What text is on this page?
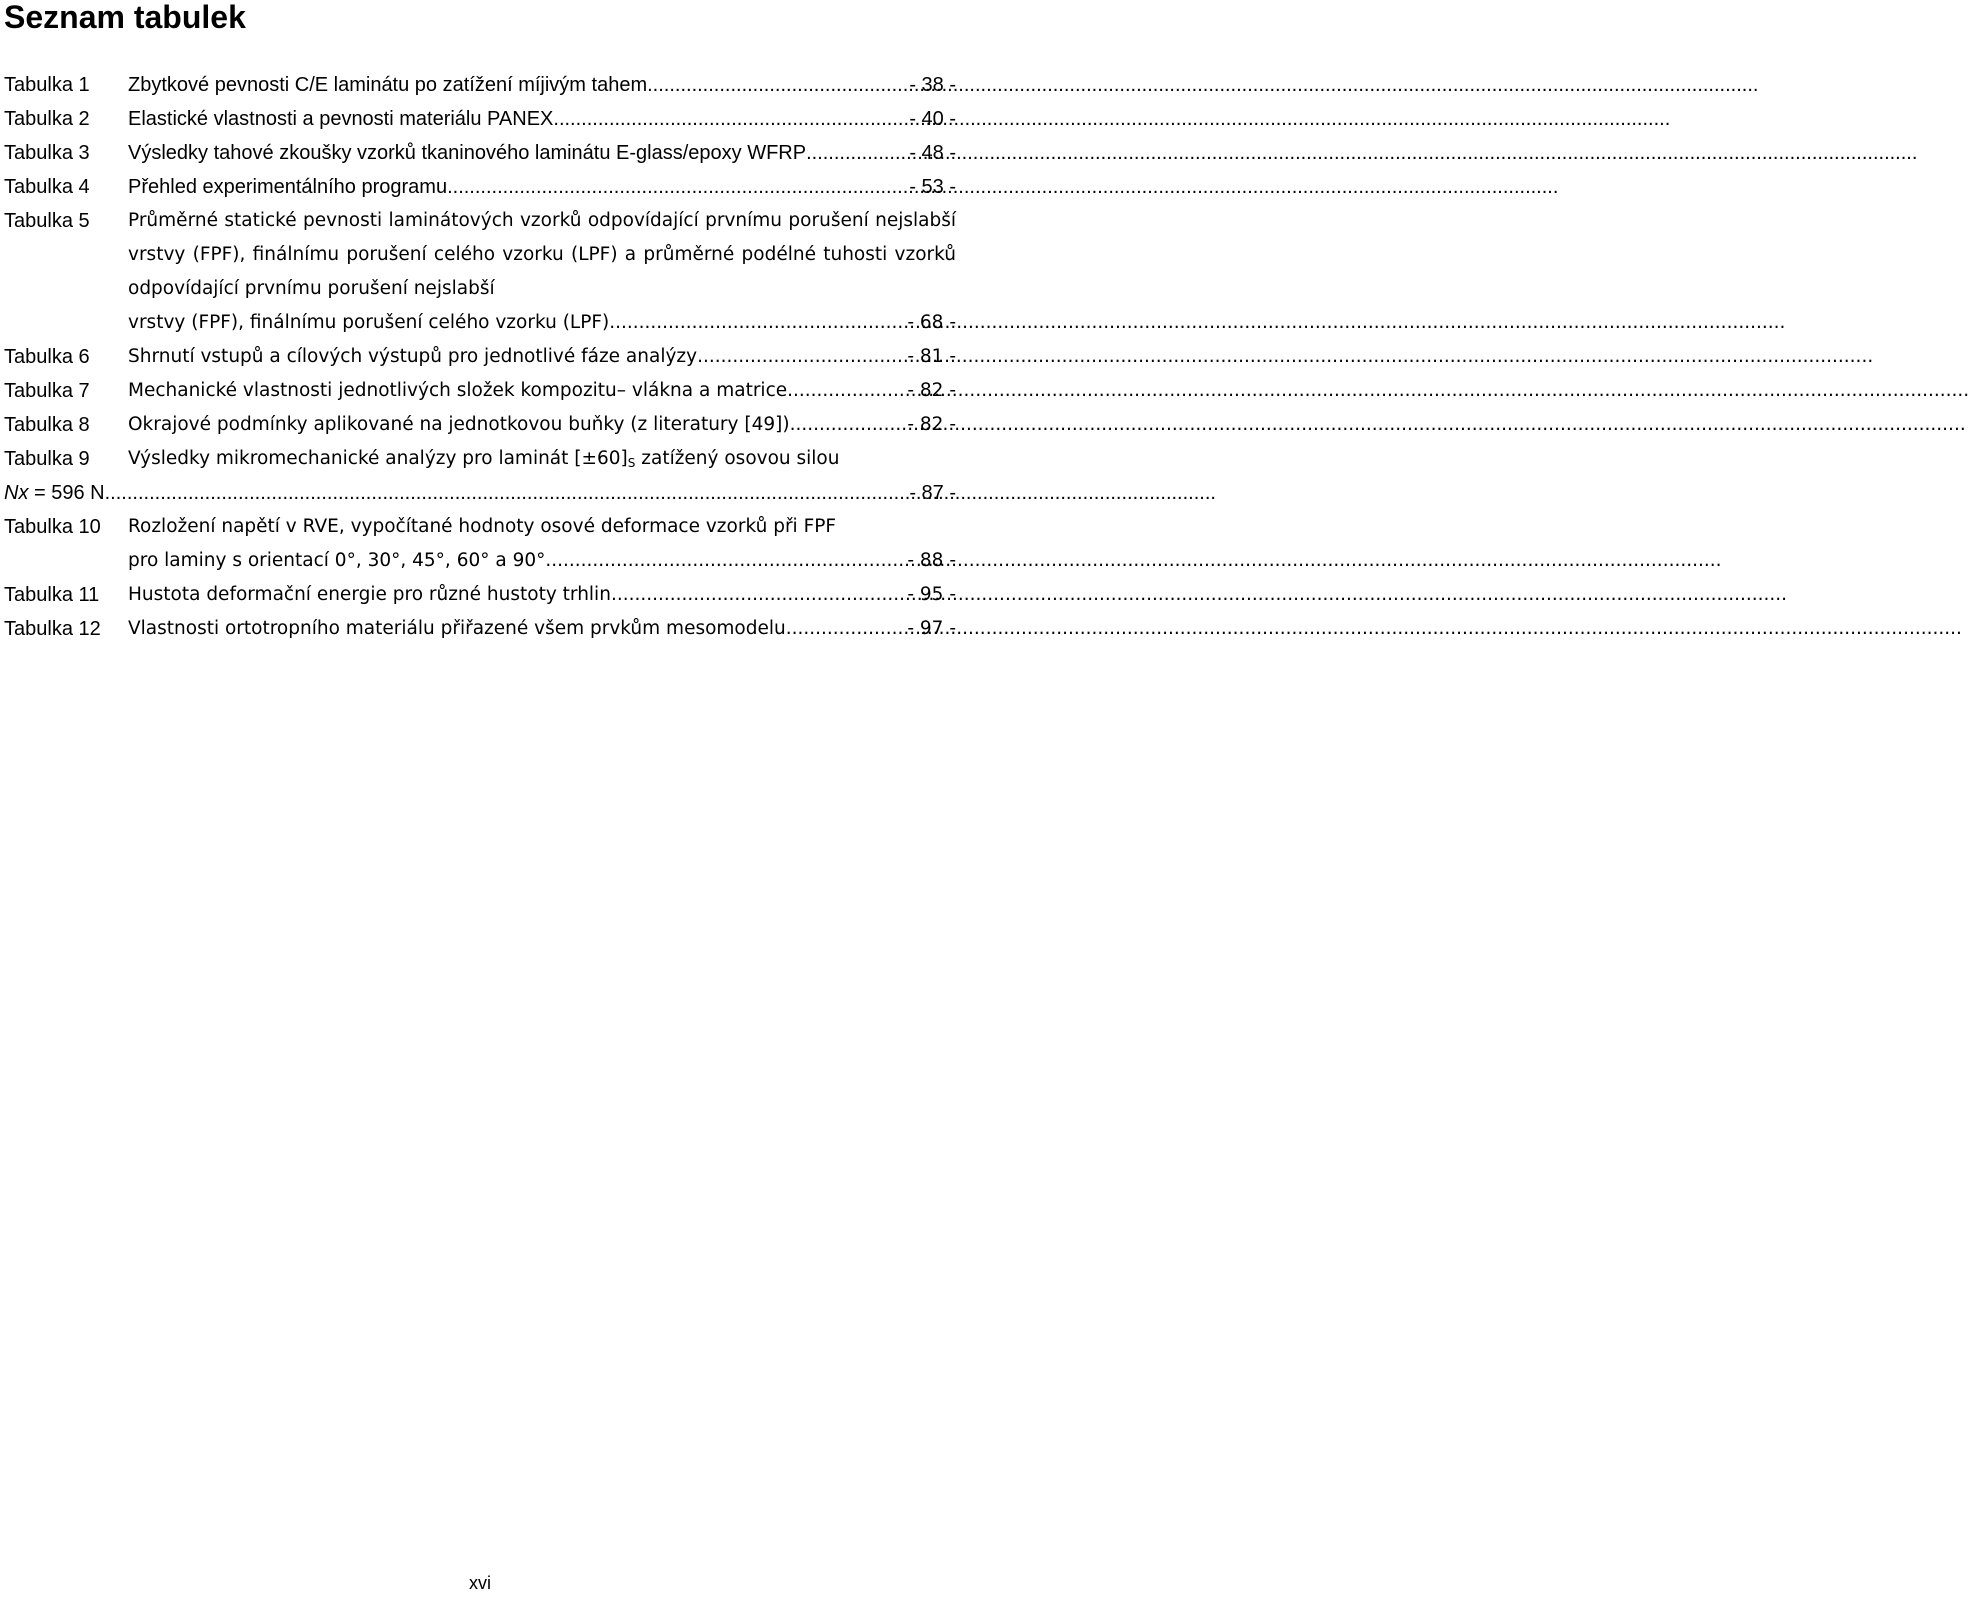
Seznam tabulek
Tabulka 1	Zbytkové pevnosti C/E laminátu po zatížení míjivým tahem .....	- 38 -
Tabulka 2	Elastické vlastnosti a pevnosti materiálu PANEX. .....	- 40 -
Tabulka 3	Výsledky tahové zkoušky vzorků tkaninového laminátu E-glass/epoxy WFRP .....	- 48 -
Tabulka 4	Přehled experimentálního programu .....	- 53 -
Tabulka 5	Průměrné statické pevnosti laminátových vzorků odpovídající prvnímu porušení nejslabší vrstvy (FPF), finálnímu porušení celého vzorku (LPF) a průměrné podélné tuhosti vzorků odpovídající prvnímu porušení nejslabší
vrstvy (FPF), finálnímu porušení celého vzorku (LPF) .....	- 68 -
Tabulka 6	Shrnutí vstupů a cílových výstupů pro jednotlivé fáze analýzy .....	- 81 -
Tabulka 7	Mechanické vlastnosti jednotlivých složek kompozitu– vlákna a matrice. .....	- 82 -
Tabulka 8	Okrajové podmínky aplikované na jednotkovou buňky (z literatury [49]) .....	- 82 -
Tabulka 9	Výsledky mikromechanické analýzy pro laminát $[\pm 60]_S$ zatížený osovou silou
Nx = 596 N .....	- 87 -
Tabulka 10	Rozložení napětí v RVE, vypočítané hodnoty osové deformace vzorků při FPF
pro laminy s orientací 0°, 30°, 45°, 60° a 90° .....	- 88 -
Tabulka 11	Hustota deformační energie pro různé hustoty trhlin .....	- 95 -
Tabulka 12	Vlastnosti ortotropního materiálu přiřazené všem prvkům mesomodelu .....	- 97 -
xvi
